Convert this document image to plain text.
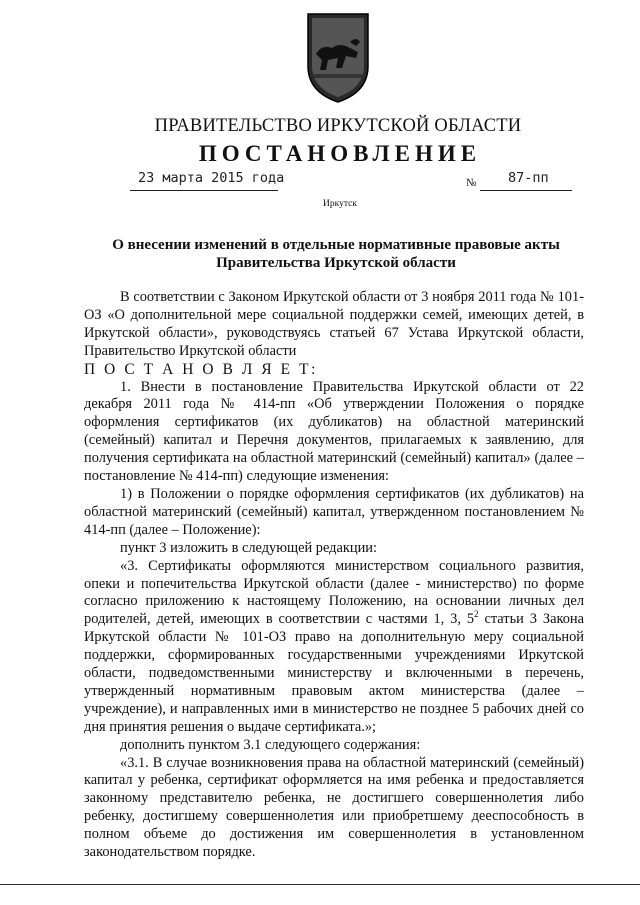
ПРАВИТЕЛЬСТВО ИРКУТСКОЙ ОБЛАСТИ
ПОСТАНОВЛЕНИЕ
23 марта 2015 года	№ 87-пп
Иркутск
О внесении изменений в отдельные нормативные правовые акты
Правительства Иркутской области

В соответствии с Законом Иркутской области от 3 ноября 2011 года № 101-ОЗ «О дополнительной мере социальной поддержки семей, имеющих детей, в Иркутской области», руководствуясь статьей 67 Устава Иркутской области, Правительство Иркутской области

П О С Т А Н О В Л Я Е Т:

1. Внести в постановление Правительства Иркутской области от 22 декабря 2011 года № 414-пп «Об утверждении Положения о порядке оформления сертификатов (их дубликатов) на областной материнский (семейный) капитал и Перечня документов, прилагаемых к заявлению, для получения сертификата на областной материнский (семейный) капитал» (далее – постановление № 414-пп) следующие изменения:

1) в Положении о порядке оформления сертификатов (их дубликатов) на областной материнский (семейный) капитал, утвержденном постановлением № 414-пп (далее – Положение):

пункт 3 изложить в следующей редакции:

«3. Сертификаты оформляются министерством социального развития, опеки и попечительства Иркутской области (далее - министерство) по форме согласно приложению к настоящему Положению, на основании личных дел родителей, детей, имеющих в соответствии с частями 1, 3, $5^2$ статьи 3 Закона Иркутской области № 101-ОЗ право на дополнительную меру социальной поддержки, сформированных государственными учреждениями Иркутской области, подведомственными министерству и включенными в перечень, утвержденный нормативным правовым актом министерства (далее – учреждение), и направленных ими в министерство не позднее 5 рабочих дней со дня принятия решения о выдаче сертификата.»;

дополнить пунктом 3.1 следующего содержания:

«3.1. В случае возникновения права на областной материнский (семейный) капитал у ребенка, сертификат оформляется на имя ребенка и предоставляется законному представителю ребенка, не достигшего совершеннолетия либо ребенку, достигшему совершеннолетия или приобретшему дееспособность в полном объеме до достижения им совершеннолетия в установленном законодательством порядке.
